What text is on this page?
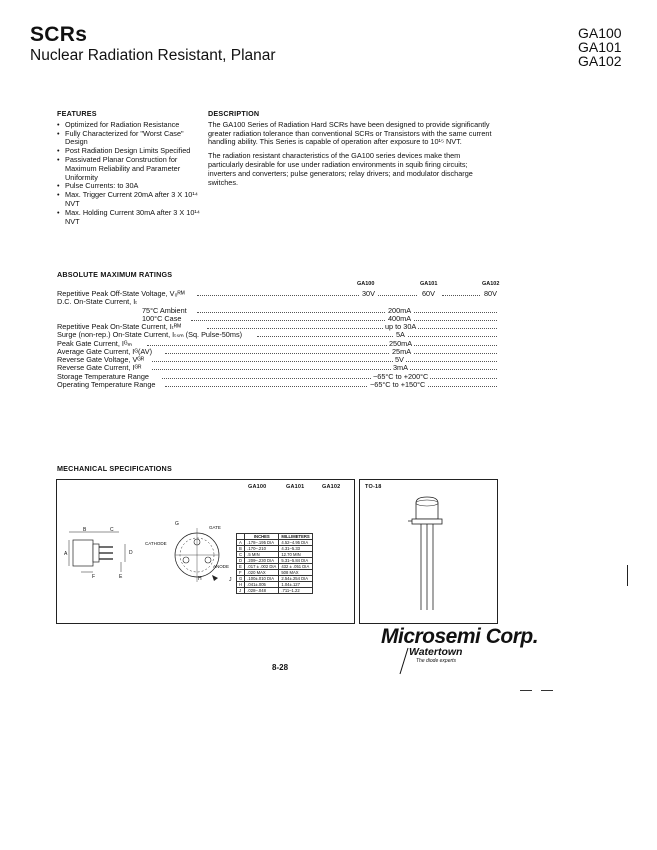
SCRs
Nuclear Radiation Resistant, Planar
GA100
GA101
GA102
FEATURES
• Optimized for Radiation Resistance
• Fully Characterized for "Worst Case" Design
• Post Radiation Design Limits Specified
• Passivated Planar Construction for Maximum Reliability and Parameter Uniformity
• Pulse Currents: to 30A
• Max. Trigger Current 20mA after 3 X 10¹⁴ NVT
• Max. Holding Current 30mA after 3 X 10¹⁴ NVT
DESCRIPTION

The GA100 Series of Radiation Hard SCRs have been designed to provide significantly greater radiation tolerance than conventional SCRs or Transistors with the same current handling ability. This Series is capable of operation after exposure to 10¹⁵ NVT.

The radiation resistant characteristics of the GA100 series devices make them particularly desirable for use under radiation environments in squib firing circuits; inverters and converters; pulse generators; relay drivers; and modulator discharge switches.

ABSOLUTE MAXIMUM RATINGS
GA100	GA101	GA102
Repetitive Peak Off-State Voltage, V₀ᴿᴹ	30V	60V	80V
D.C. On-State Current, Iₜ
75°C Ambient	200mA
100°C Case	400mA
Repetitive Peak On-State Current, Iₜᴿᴹ	up to 30A
Surge (non-rep.) On-State Current, Iₜₛₘ (Sq. Pulse-50ms)	5A
Peak Gate Current, Iᴳₘ	250mA
Average Gate Current, Iᴳ(AV)	25mA
Reverse Gate Voltage, Vᴳᴿ	5V
Reverse Gate Current, Iᴳᴿ	3mA
Storage Temperature Range	−65°C to +200°C
Operating Temperature Range	−65°C to +150°C
MECHANICAL SPECIFICATIONS
GA100	GA101	GA102
B	C
A	D
F	E
G
GATE
CATHODE
ANODE
H	J
	INCHES	MILLIMETERS
A	.178–.195 DIA	4.52–4.95 DIA
B	.170–.210	4.31–5.33
C	.5 MIN	12.70 MIN
D	.209–.230 DIA	5.31–5.84 DIA
E	.017 ± .002 DIA	432 ± .051 DIA
F	.020 MAX	508 MAX
G	.100±.010 DIA	2.54±.254 DIA
H	.041±.005	1.04±.127
J	.028–.048	.711–1.22
TO-18
Microsemi Corp.
Watertown
The diode experts
8-28
